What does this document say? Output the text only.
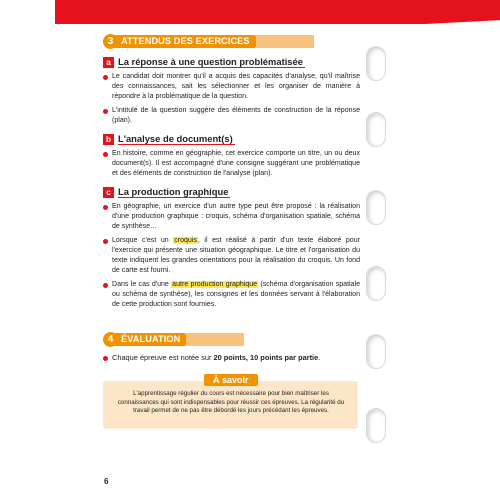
3 ATTENDUS DES EXERCICES
a La réponse à une question problématisée
Le candidat doit montrer qu'il a acquis des capacités d'analyse, qu'il maîtrise des connaissances, sait les sélectionner et les organiser de manière à répondre à la problématique de la question.
L'intitulé de la question suggère des éléments de construction de la réponse (plan).
b L'analyse de document(s)
En histoire, comme en géographie, cet exercice comporte un titre, un ou deux document(s). Il est accompagné d'une consigne suggérant une problématique et des éléments de construction de l'analyse (plan).
c La production graphique
En géographie, un exercice d'un autre type peut être proposé : la réalisation d'une production graphique : croquis, schéma d'organisation spatiale, schéma de synthèse…
Lorsque c'est un croquis, il est réalisé à partir d'un texte élaboré pour l'exercice qui présente une situation géographique. Le titre et l'organisation du texte indiquent les grandes orientations pour la réalisation du croquis. Un fond de carte est fourni.
Dans le cas d'une autre production graphique (schéma d'organisation spatiale ou schéma de synthèse), les consignes et les données servant à l'élaboration de cette production sont fournies.
4 ÉVALUATION
Chaque épreuve est notée sur 20 points, 10 points par partie.
À savoir
L'apprentissage régulier du cours est nécessaire pour bien maîtriser les connaissances qui sont indispensables pour réussir ces épreuves. La régularité du travail permet de ne pas être débordé les jours précédant les épreuves.
6
